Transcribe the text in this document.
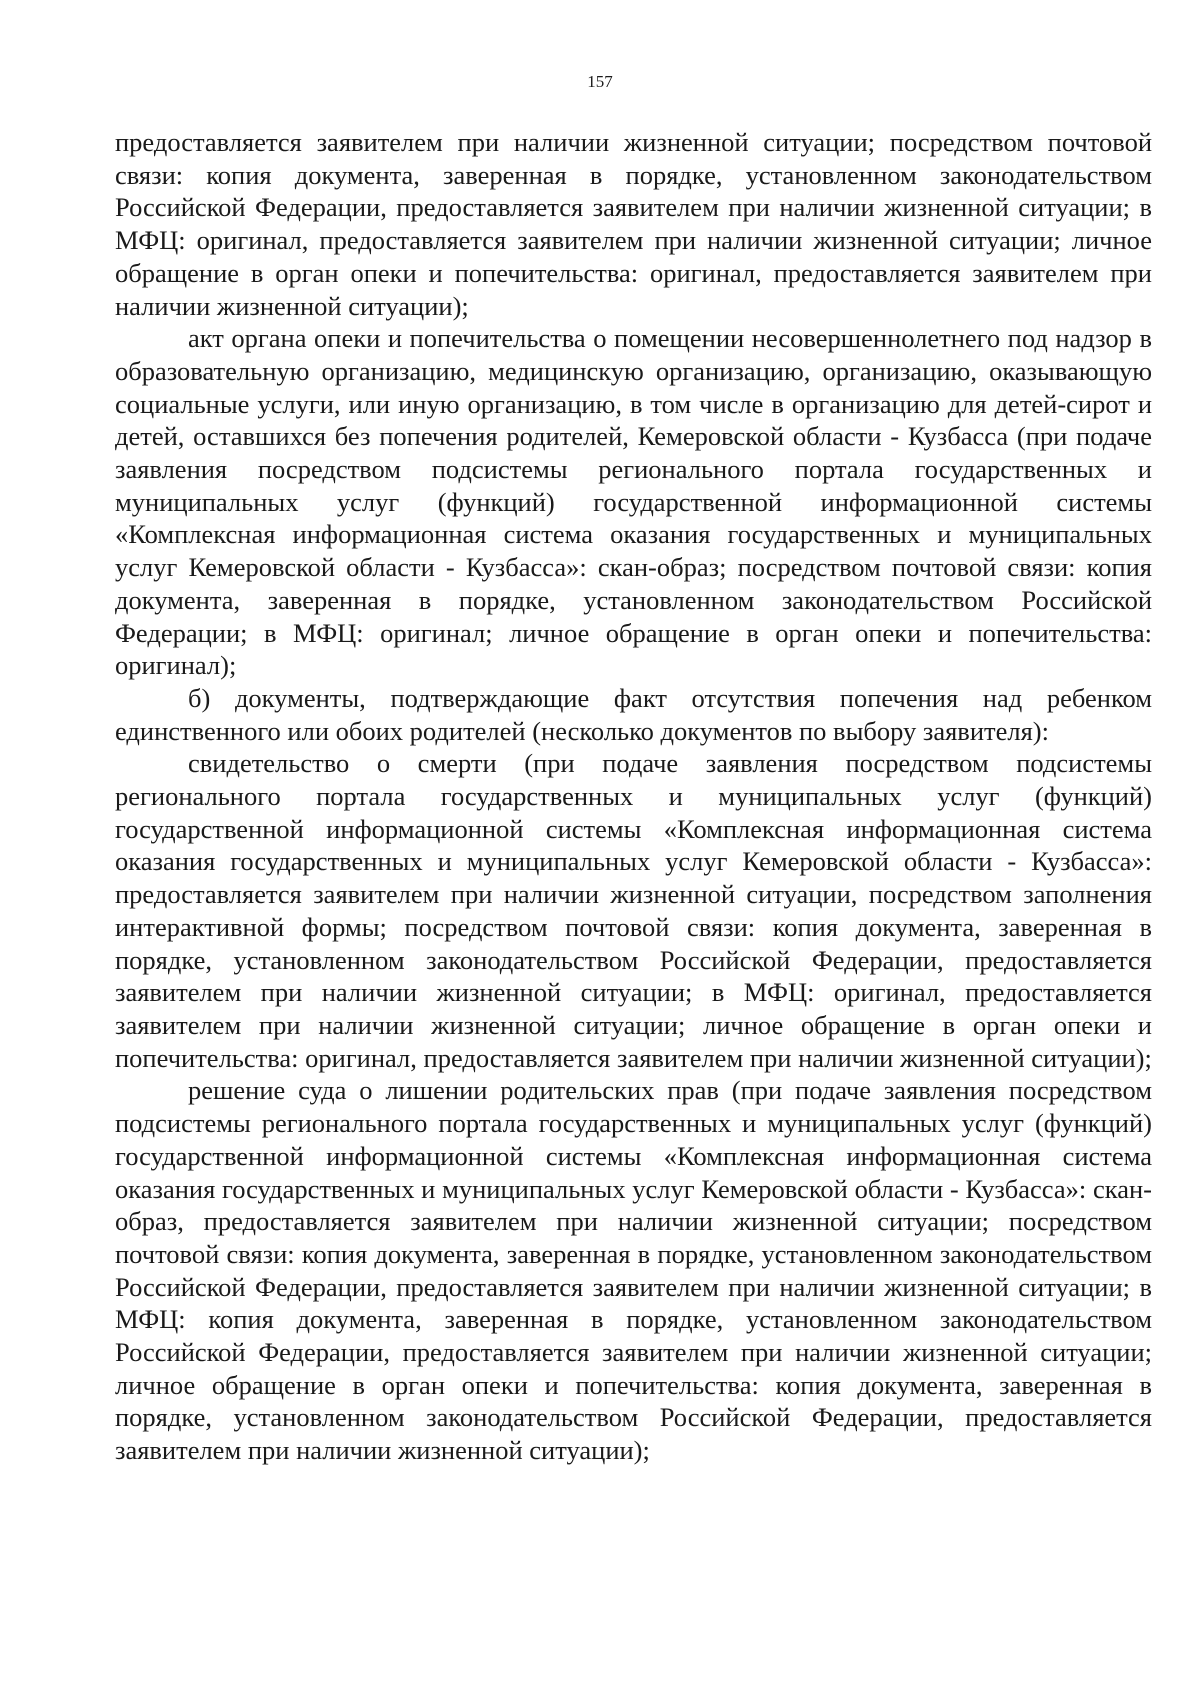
157

предоставляется заявителем при наличии жизненной ситуации; посредством почтовой связи: копия документа, заверенная в порядке, установленном законодательством Российской Федерации, предоставляется заявителем при наличии жизненной ситуации; в МФЦ: оригинал, предоставляется заявителем при наличии жизненной ситуации; личное обращение в орган опеки и попечительства: оригинал, предоставляется заявителем при наличии жизненной ситуации);

акт органа опеки и попечительства о помещении несовершеннолетнего под надзор в образовательную организацию, медицинскую организацию, организацию, оказывающую социальные услуги, или иную организацию, в том числе в организацию для детей-сирот и детей, оставшихся без попечения родителей, Кемеровской области - Кузбасса (при подаче заявления посредством подсистемы регионального портала государственных и муниципальных услуг (функций) государственной информационной системы «Комплексная информационная система оказания государственных и муниципальных услуг Кемеровской области - Кузбасса»: скан-образ; посредством почтовой связи: копия документа, заверенная в порядке, установленном законодательством Российской Федерации; в МФЦ: оригинал; личное обращение в орган опеки и попечительства: оригинал);

б) документы, подтверждающие факт отсутствия попечения над ребенком единственного или обоих родителей (несколько документов по выбору заявителя):

свидетельство о смерти (при подаче заявления посредством подсистемы регионального портала государственных и муниципальных услуг (функций) государственной информационной системы «Комплексная информационная система оказания государственных и муниципальных услуг Кемеровской области - Кузбасса»: предоставляется заявителем при наличии жизненной ситуации, посредством заполнения интерактивной формы; посредством почтовой связи: копия документа, заверенная в порядке, установленном законодательством Российской Федерации, предоставляется заявителем при наличии жизненной ситуации; в МФЦ: оригинал, предоставляется заявителем при наличии жизненной ситуации; личное обращение в орган опеки и попечительства: оригинал, предоставляется заявителем при наличии жизненной ситуации);

решение суда о лишении родительских прав (при подаче заявления посредством подсистемы регионального портала государственных и муниципальных услуг (функций) государственной информационной системы «Комплексная информационная система оказания государственных и муниципальных услуг Кемеровской области - Кузбасса»: скан-образ, предоставляется заявителем при наличии жизненной ситуации; посредством почтовой связи: копия документа, заверенная в порядке, установленном законодательством Российской Федерации, предоставляется заявителем при наличии жизненной ситуации; в МФЦ: копия документа, заверенная в порядке, установленном законодательством Российской Федерации, предоставляется заявителем при наличии жизненной ситуации; личное обращение в орган опеки и попечительства: копия документа, заверенная в порядке, установленном законодательством Российской Федерации, предоставляется заявителем при наличии жизненной ситуации);
